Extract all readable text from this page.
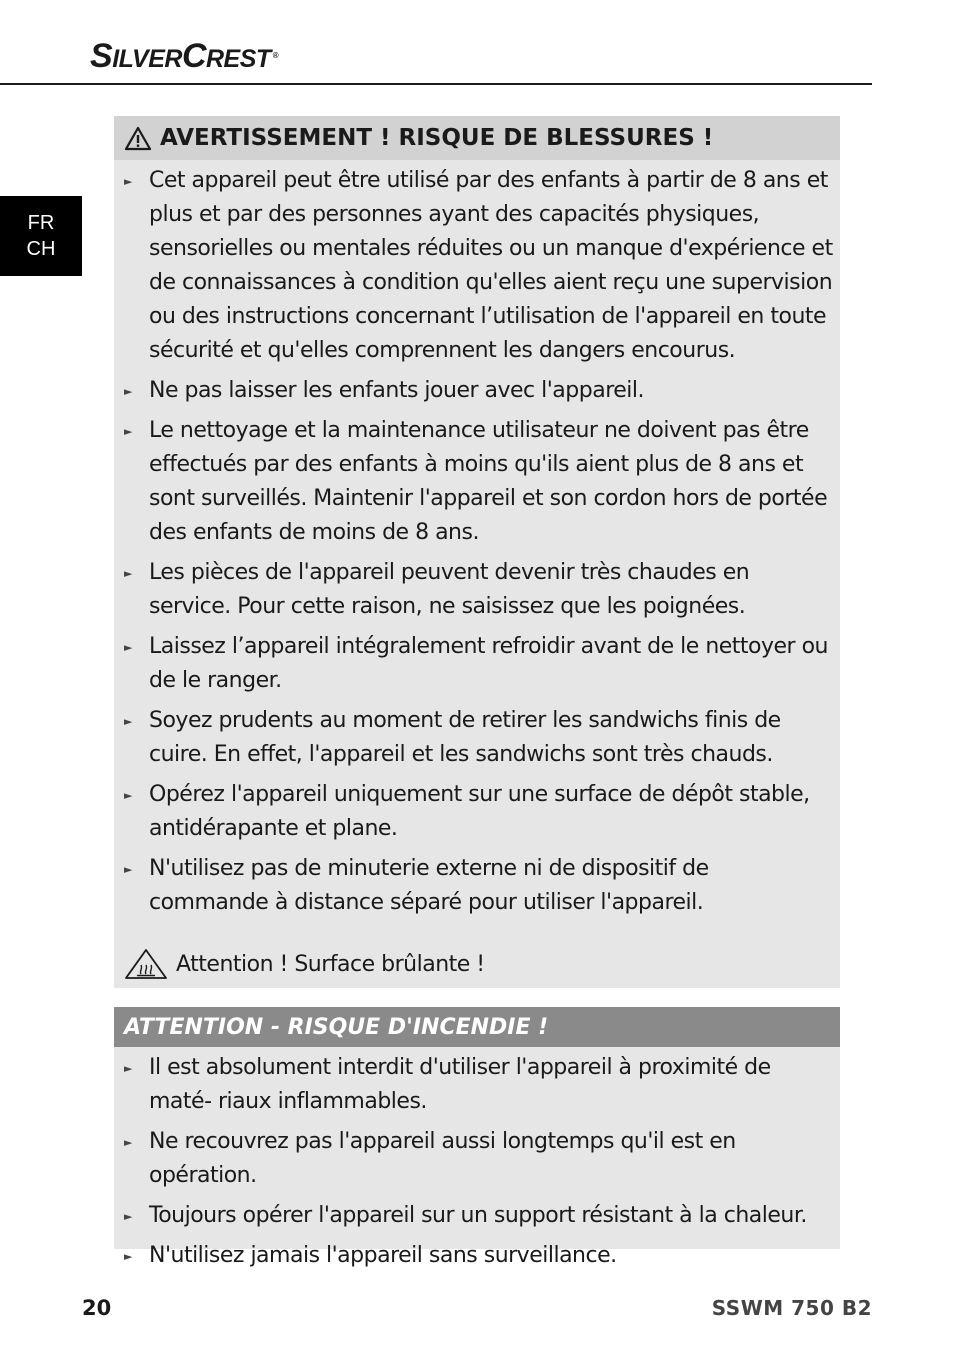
SILVERCREST ®
FR
CH
AVERTISSEMENT ! RISQUE DE BLESSURES !
► Cet appareil peut être utilisé par des enfants à partir de 8 ans et plus et par des personnes ayant des capacités physiques, sensorielles ou mentales réduites ou un manque d'expérience et de connaissances à condition qu'elles aient reçu une supervision ou des instructions concernant l’utilisation de l'appareil en toute sécurité et qu'elles comprennent les dangers encourus.
► Ne pas laisser les enfants jouer avec l'appareil.
► Le nettoyage et la maintenance utilisateur ne doivent pas être effectués par des enfants à moins qu'ils aient plus de 8 ans et sont surveillés. Maintenir l'appareil et son cordon hors de portée des enfants de moins de 8 ans.
► Les pièces de l'appareil peuvent devenir très chaudes en service. Pour cette raison, ne saisissez que les poignées.
► Laissez l’appareil intégralement refroidir avant de le nettoyer ou de le ranger.
► Soyez prudents au moment de retirer les sandwichs finis de cuire. En effet, l'appareil et les sandwichs sont très chauds.
► Opérez l'appareil uniquement sur une surface de dépôt stable, antidérapante et plane.
► N'utilisez pas de minuterie externe ni de dispositif de commande à distance séparé pour utiliser l'appareil.
Attention ! Surface brûlante !
ATTENTION - RISQUE D'INCENDIE !
► Il est absolument interdit d'utiliser l'appareil à proximité de maté- riaux inflammables.
► Ne recouvrez pas l'appareil aussi longtemps qu'il est en opération.
► Toujours opérer l'appareil sur un support résistant à la chaleur.
► N'utilisez jamais l'appareil sans surveillance.
20	SSWM 750 B2
